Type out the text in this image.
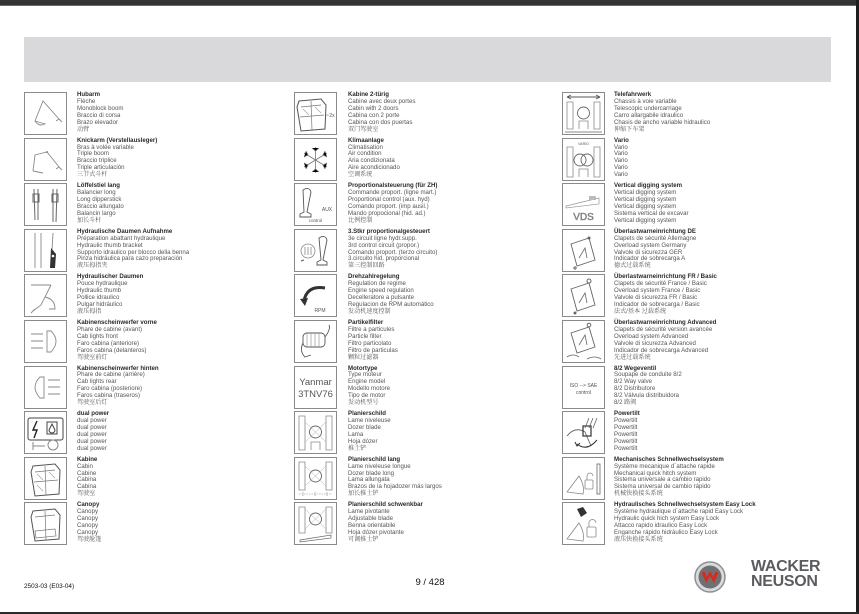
Hubarm
Flèche
Monoblock boom
Braccio di corsa
Brazo elevador
动臂
Knickarm (Verstellausleger)
Bras à volée variable
Triple boom
Braccio triplice
Triple articulación
三节式斗杆
Löffelstiel lang
Balancier long
Long dipperstick
Braccio allungato
Balancin largo
加长斗杆
Hydraulische Daumen Aufnahme
Préparation abattant hydraulique
Hydraulic thumb bracket
Supporto idraulico per blocco della benna
Pinza hidráulica para cazo preparación
液压拇指夹
Hydraulischer Daumen
Pouce hydraulique
Hydraulic thumb
Pollice idraulico
Pulgar hidráulico
液压拇指
Kabinenscheinwerfer vorne
Phare de cabine (avant)
Cab lights front
Faro cabina (anteriore)
Faros cabina (delanteros)
驾驶室前灯
Kabinenscheinwerfer hinten
Phare de cabine (arrière)
Cab lights rear
Faro cabina (posteriore)
Faros cabina (traseros)
驾驶室后灯
dual power
dual power
dual power
dual power
dual power
dual power
Kabine
Cabin
Cabine
Cabina
Cabina
驾驶室
Canopy
Canopy
Canopy
Canopy
Canopy
驾驶舱篷
2x
Kabine 2-türig
Cabine avec deux portes
Cabin with 2 doors
Cabina con 2 porte
Cabina con dos puertas
双门驾驶室
Klimaanlage
Climatisation
Air condition
Aria condizionata
Aire acondicionado
空调系统
AUX
control
Proportionalsteuerung (für ZH)
Commande proport. (ligne mart.)
Proportional control (aux. hyd)
Comando proport. (imp ausil.)
Mando propocional (hid. ad.)
比例控制
3.Stkr proportionalgesteuert
3e circuit ligne hydr.supp.
3rd control circuit (propor.)
Comando proport. (terzo circuito)
3.circuito hid. proporcional
第三控制回路
RPM
Drehzahlregelung
Regulation de regime
Engine speed regulation
Decelleratore a pulsante
Regulacion de RPM automático
发动机速度控制
Partikelfilter
Filtre a particules
Particle filter
Filtro particolato
Filtro de particulas
颗粒过滤器
Yanmar
3TNV76
Motortype
Type moteur
Engine model
Modello motore
Tipo de motor
发动机型号
Planierschild
Lame niveleuse
Dozer blade
Lama
Hoja dózer
推土铲
Planierschild lang
Lame niveleuse longue
Dozer blade long
Lama allungata
Brazos de la hojadozer más largos
加长推土铲
Planierschild schwenkbar
Lame pivotante
Adjustable blade
Benna orientabile
Hoja dózer pivotante
可调推土铲
Telefahrwerk
Chassis à voie variable
Telescopic undercarriage
Carro allargabile idraulico
Chasis de ancho variable hidraulico
伸缩下车架
VARIO	Vario
Vario
Vario
Vario
Vario
Vario
VDS
Vertical digging system
Vertical digging system
Vertical digging system
Vertical digging system
Sistema vertical de excavar
Vertical digging system
Überlastwarneinrichtung DE
Clapets de sécurité Allemagne
Overload system Germany
Valvole di sicurezza GER
Indicador de sobrecarga A
德式过载系统
Überlastwarneinrichtung FR / Basic
Clapets de sécurité France / Basic
Overload system France / Basic
Valvole di sicurezza FR / Basic
Indicador de sobrecarga / Basic
法式/基本 过载系统
Überlastwarneinrichtung Advanced
Clapets de sécurité version avancée
Overload system Advanced
Valvole di sicurezza Advanced
Indicador de sobrecarga Advanced
先进过载系统
ISO --> SAE
control
8/2 Wegeventil
Soupape de conduite 8/2
8/2 Way valve
8/2 Distributore
8/2 Válvula distribuidora
8/2 路阀
Powertilt
Powertilt
Powertilt
Powertilt
Powertilt
Powertilt
Mechanisches Schnellwechselsystem
Système mecanique d´attache rapide
Mechanical quick hitch system
Sistema universale a cambio rapido
Sistema universal de cambio rápido
机械快换接头系统
Hydraulisches Schnellwechselsystem Easy Lock
Système hydraulique d´attache rapid Easy Lock
Hydraulic quick hich system Easy Lock
Attacco rapido idraulico Easy Lock
Enganche rápido hidráulico Easy Lock
液压快换接头系统
2503-03 (E03-04)	9 / 428
WACKER
NEUSON
